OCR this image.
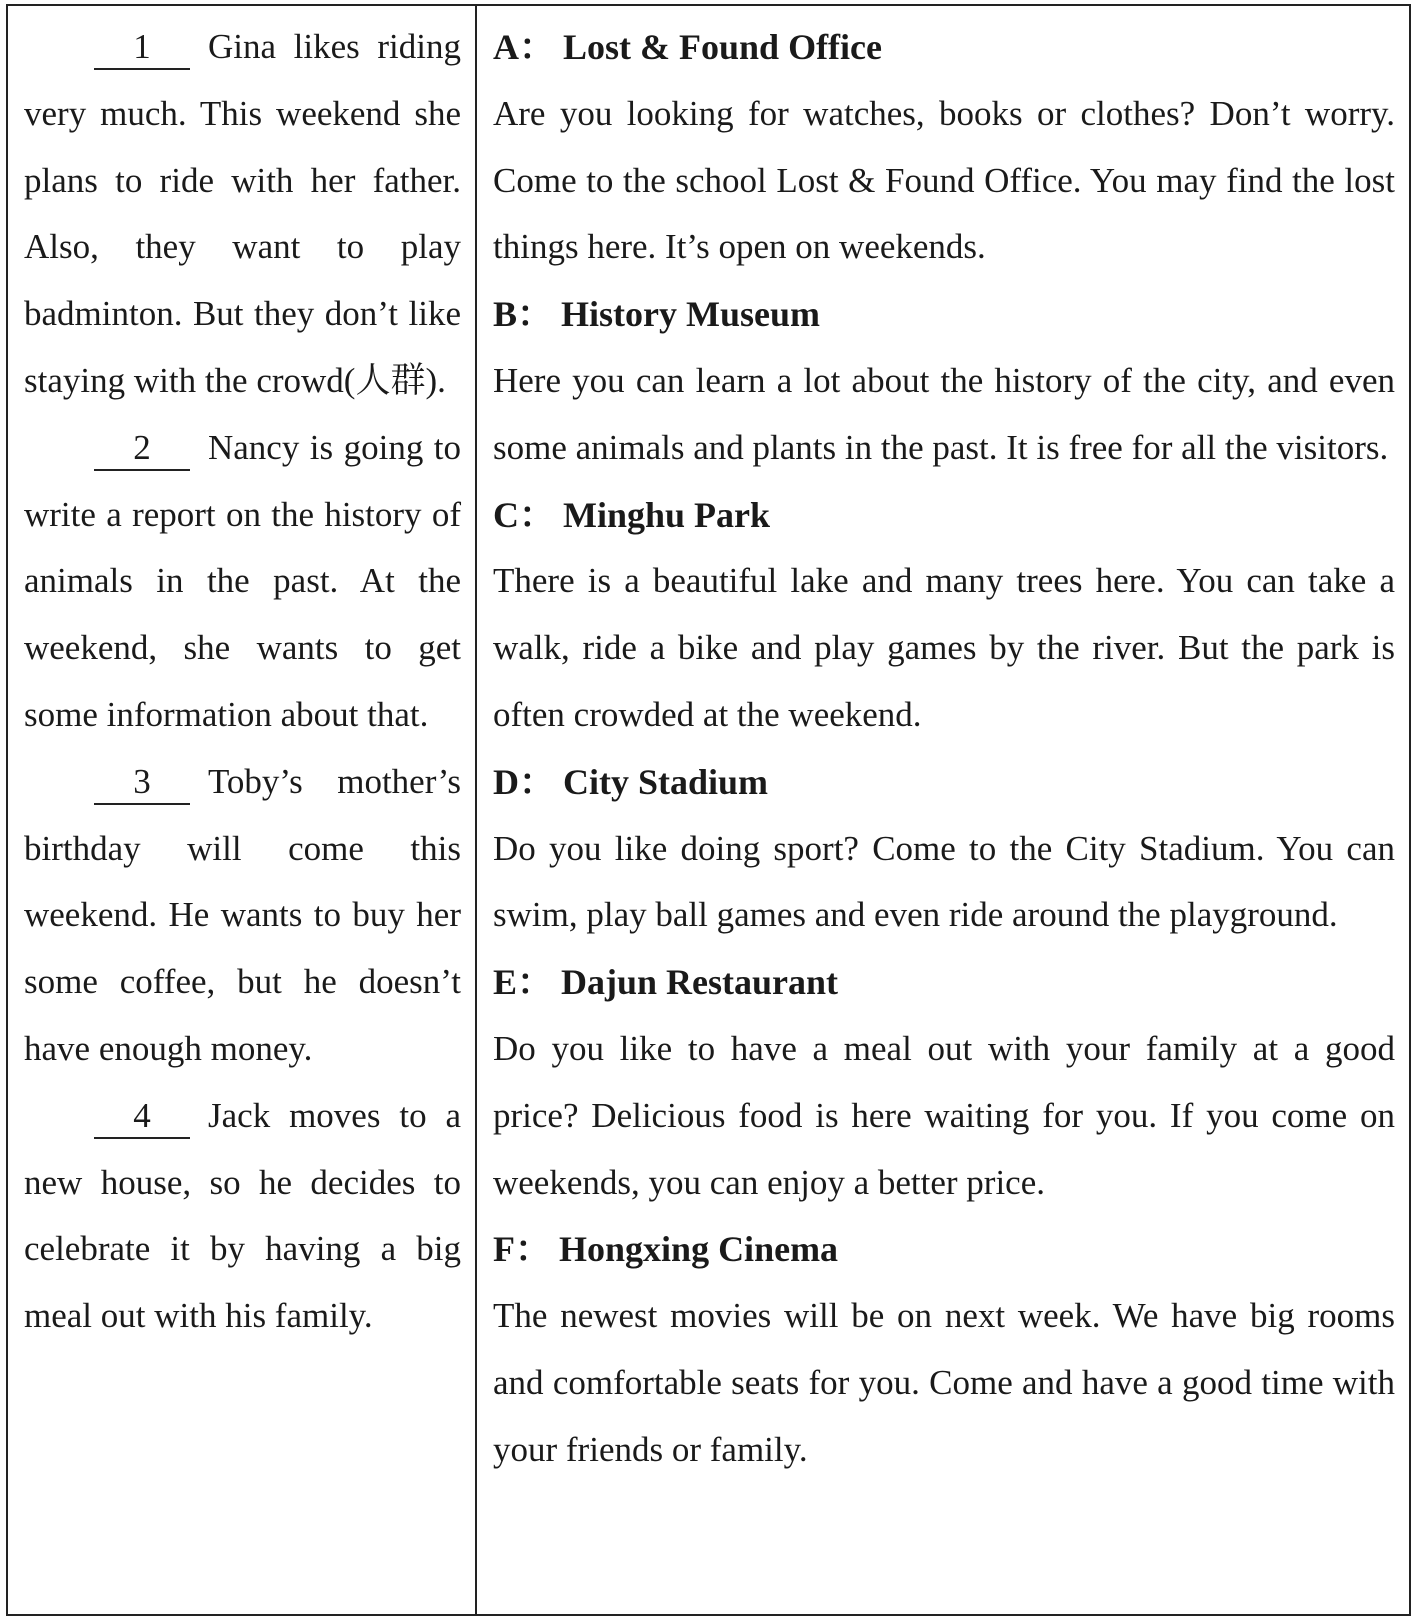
1 Gina likes riding very much. This weekend she plans to ride with her father. Also, they want to play badminton. But they don’t like staying with the crowd(人群).

2 Nancy is going to write a report on the history of animals in the past. At the weekend, she wants to get some information about that.

3 Toby’s mother’s birthday will come this weekend. He wants to buy her some coffee, but he doesn’t have enough money.

4 Jack moves to a new house, so he decides to celebrate it by having a big meal out with his family.

A： Lost & Found Office

Are you looking for watches, books or clothes? Don’t worry. Come to the school Lost & Found Office. You may find the lost things here. It’s open on weekends.

B： History Museum

Here you can learn a lot about the history of the city, and even some animals and plants in the past. It is free for all the visitors.

C： Minghu Park

There is a beautiful lake and many trees here. You can take a walk, ride a bike and play games by the river. But the park is often crowded at the weekend.

D： City Stadium

Do you like doing sport? Come to the City Stadium. You can swim, play ball games and even ride around the playground.

E： Dajun Restaurant

Do you like to have a meal out with your family at a good price? Delicious food is here waiting for you. If you come on weekends, you can enjoy a better price.

F： Hongxing Cinema

The newest movies will be on next week. We have big rooms and comfortable seats for you. Come and have a good time with your friends or family.
